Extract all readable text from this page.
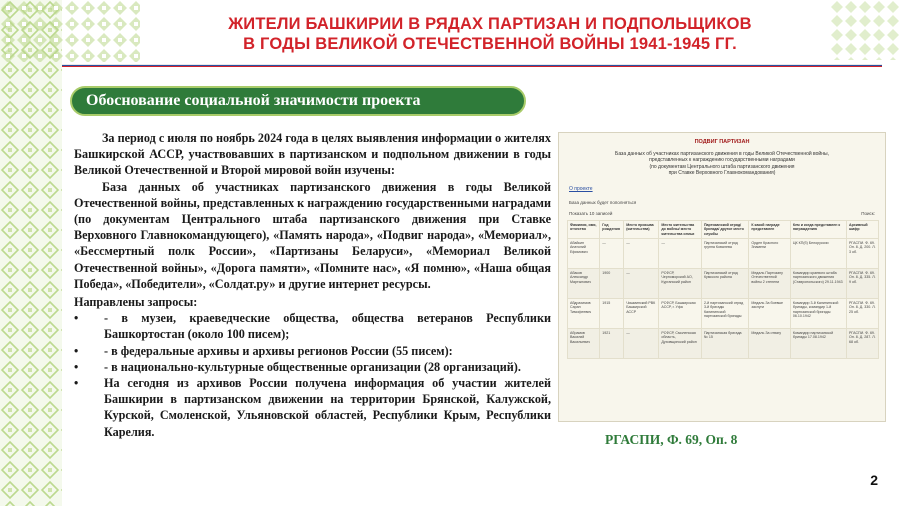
ЖИТЕЛИ БАШКИРИИ В РЯДАХ ПАРТИЗАН И ПОДПОЛЬЩИКОВ
В ГОДЫ ВЕЛИКОЙ ОТЕЧЕСТВЕННОЙ ВОЙНЫ 1941-1945 ГГ.
Обоснование социальной значимости проекта

За период с июля по ноябрь 2024 года в целях выявления информации о жителях Башкирской АССР, участвовавших в партизанском и подпольном движении в годы Великой Отечественной и Второй мировой войн изучены:

База данных об участниках партизанского движения в годы Великой Отечественной войны, представленных к награждению государственными наградами (по документам Центрального штаба партизанского движения при Ставке Верховного Главнокомандующего), «Память народа», «Подвиг народа», «Мемориал», «Бессмертный полк России», «Партизаны Беларуси», «Мемориал Великой Отечественной войны», «Дорога памяти», «Помните нас», «Я помню», «Наша общая Победа», «Победители», «Солдат.ру» и другие интернет ресурсы.

Направлены запросы:

•	- в музеи, краеведческие общества, общества ветеранов Республики Башкортостан (около 100 писем);
•	- в федеральные архивы и архивы регионов России (55 писем):
•	- в национально-культурные общественные организации (28 организаций).
•	На сегодня из архивов России получена информация об участии жителей Башкирии в партизанском движении на территории Брянской, Калужской, Курской, Смоленской, Ульяновской областей, Республики Крым, Республики Карелия.
ПОДВИГ ПАРТИЗАН
База данных об участниках партизанского движения в годы Великой Отечественной войны,
представленных к награждению государственными наградами
(по документам Центрального штаба партизанского движения
при Ставке Верховного Главнокомандования)
О проекте
База данных будет пополняться
Показать 10 записей	Поиск:
Фамилия, имя, отчество	Год рождения	Место призыва (жительства)	Место жительства до войны/ место жительства семьи	Партизанский отряд/ бригада/ другое место службы	К какой награде представлен	Кем и когда представлен к награждению	Архивный шифр
Абайкин Анатолий Ефимович	—	—	—	Партизанский отряд группа Ковалева	Орден Красного Знамени	ЦК КП(б) Белоруссии	РГАСПИ. Ф. 69. Оп. 8. Д. 200. Л. 3 об.
Абаков Александр Мартынович	1900	—	РСФСР, Черноморский АО, Курганский район	Партизанский отряд Кумского района	Медаль Партизану Отечественной войны 2 степени	Командир краевого штаба партизанского движения (Ставропольского) 29.11.1943	РГАСПИ. Ф. 69. Оп. 8. Д. 335. Л. 9 об.
Абдрахимов Саран Тимофеевич	1915	Чишминский РВК Башкирской АССР	РСФСР, Башкирская АССР, г. Уфа	2-й партизанский отряд 3-й бригады Калининской партизанской бригады	Медаль За боевые заслуги	Командир 3-й Калининской бригады, командир 1-й партизанской бригады 06.10.1942	РГАСПИ. Ф. 69. Оп. 8. Д. 330. Л. 25 об.
Абрамов Василий Васильевич	1921	—	РСФСР, Смоленская область, Духовщинский район	Партизанская бригада № 15	Медаль За отвагу	Командир партизанской бригады 17.08.1942	РГАСПИ. Ф. 69. Оп. 8. Д. 287. Л. 68 об.
РГАСПИ, Ф. 69, Оп. 8
2
